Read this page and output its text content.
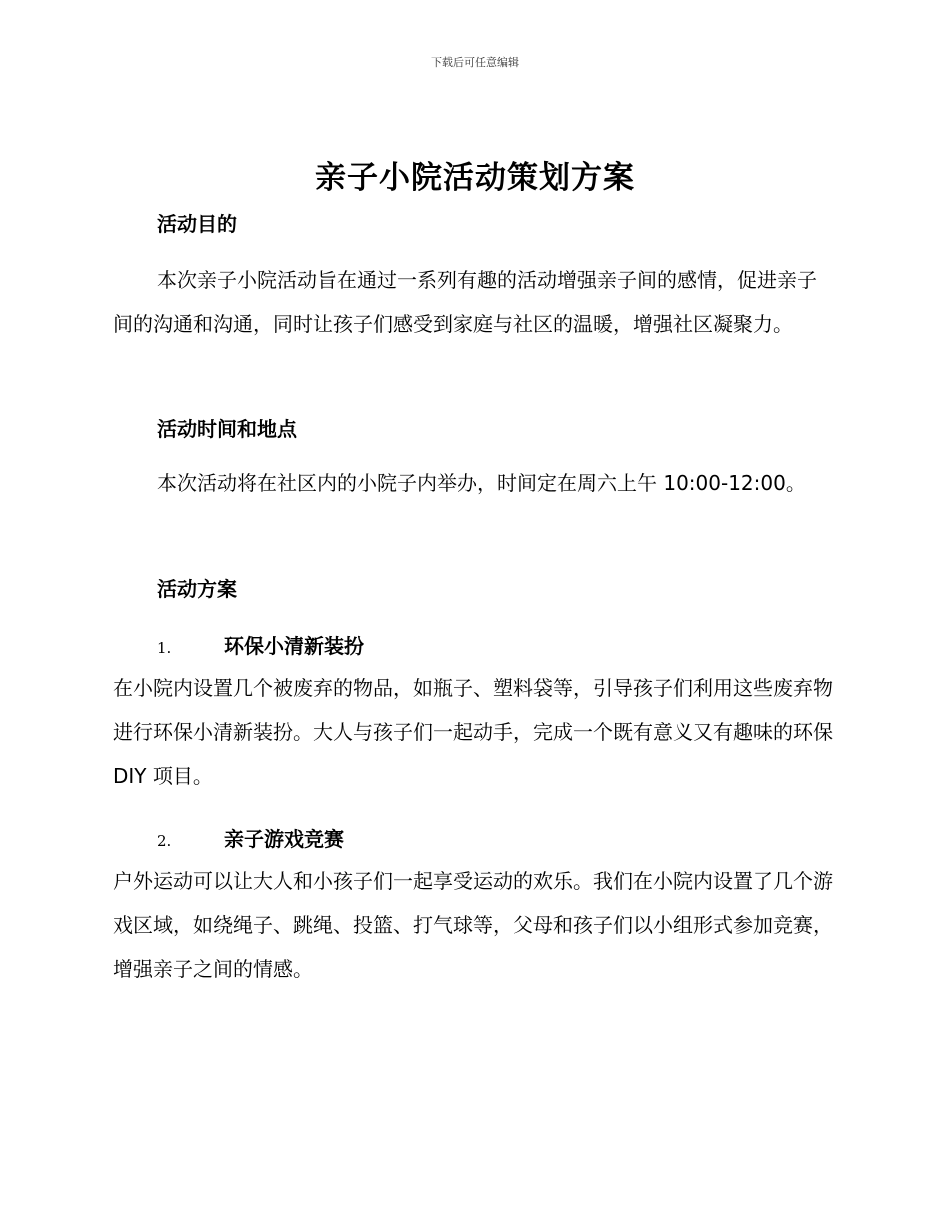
下载后可任意编辑
亲子小院活动策划方案
活动目的
本次亲子小院活动旨在通过一系列有趣的活动增强亲子间的感情，促进亲子间的沟通和沟通，同时让孩子们感受到家庭与社区的温暖，增强社区凝聚力。
活动时间和地点
本次活动将在社区内的小院子内举办，时间定在周六上午 10:00-12:00。
活动方案
1.	环保小清新装扮
在小院内设置几个被废弃的物品，如瓶子、塑料袋等，引导孩子们利用这些废弃物进行环保小清新装扮。大人与孩子们一起动手，完成一个既有意义又有趣味的环保 DIY 项目。
2.	亲子游戏竞赛
户外运动可以让大人和小孩子们一起享受运动的欢乐。我们在小院内设置了几个游戏区域，如绕绳子、跳绳、投篮、打气球等，父母和孩子们以小组形式参加竞赛，增强亲子之间的情感。
